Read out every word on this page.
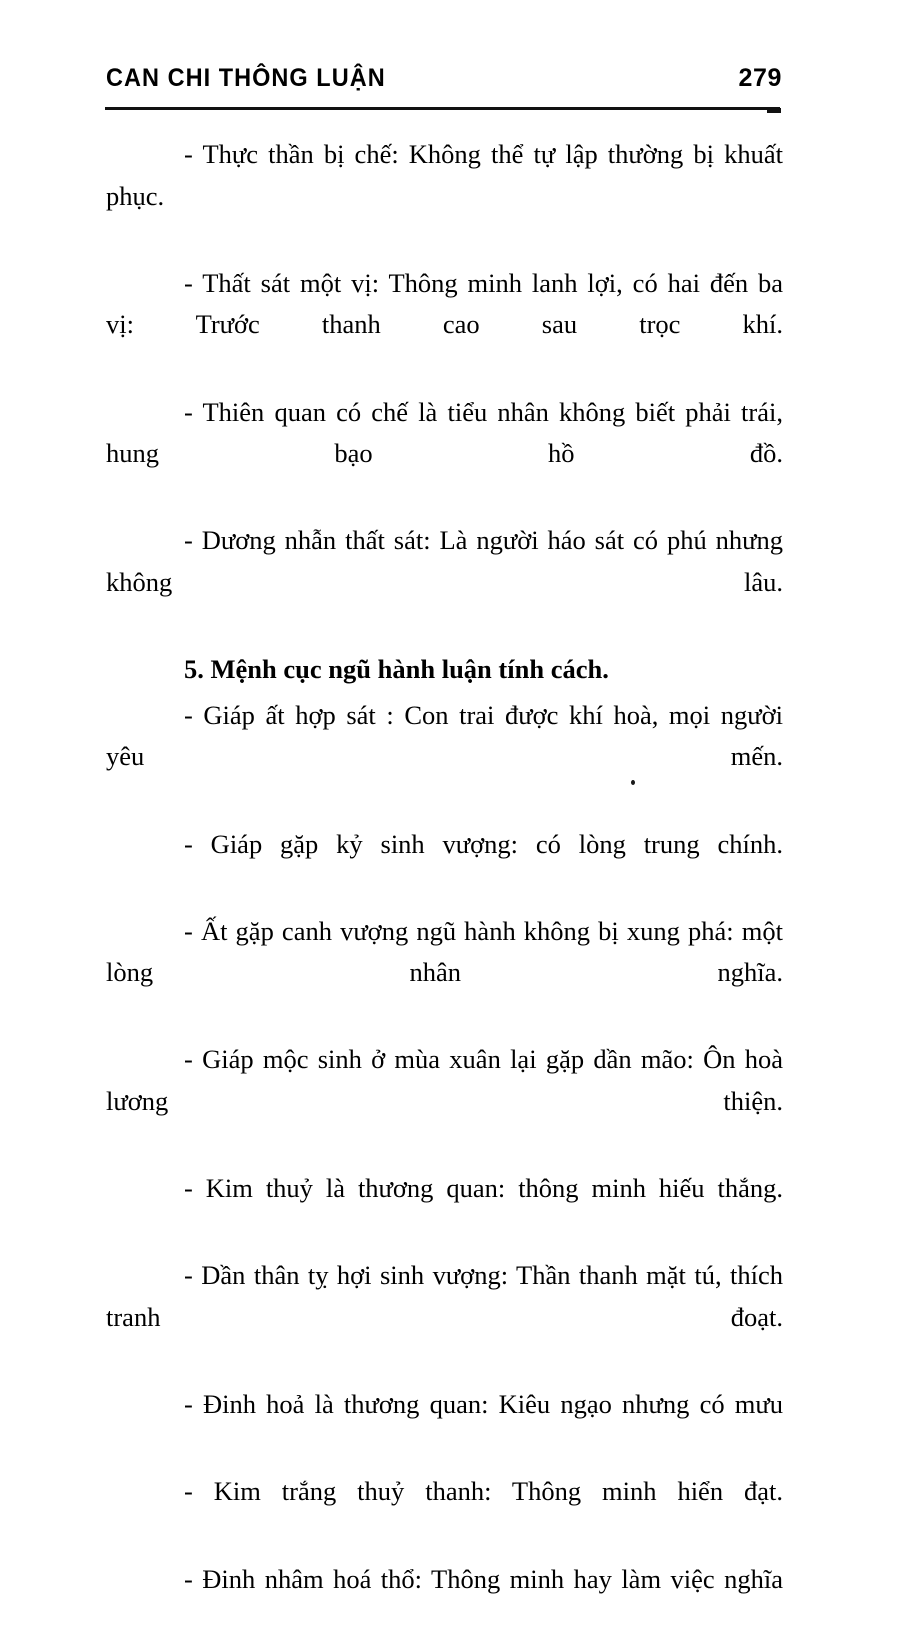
CAN CHI THÔNG LUẬN	279

- Thực thần bị chế: Không thể tự lập thường bị khuất phục.

- Thất sát một vị: Thông minh lanh lợi, có hai đến ba vị: Trước thanh cao sau trọc khí.

- Thiên quan có chế là tiểu nhân không biết phải trái, hung bạo hồ đồ.

- Dương nhẫn thất sát: Là người háo sát có phú nhưng không lâu.

5. Mệnh cục ngũ hành luận tính cách.

- Giáp ất hợp sát : Con trai được khí hoà, mọi người yêu mến.

- Giáp gặp kỷ sinh vượng: có lòng trung chính.

- Ất gặp canh vượng ngũ hành không bị xung phá: một lòng nhân nghĩa.

- Giáp mộc sinh ở mùa xuân lại gặp dần mão: Ôn hoà lương thiện.

- Kim thuỷ là thương quan: thông minh hiếu thắng.

- Dần thân tỵ hợi sinh vượng: Thần thanh mặt tú, thích tranh đoạt.

- Đinh hoả là thương quan: Kiêu ngạo nhưng có mưu

- Kim trắng thuỷ thanh: Thông minh hiển đạt.

- Đinh nhâm hoá thổ: Thông minh hay làm việc nghĩa
